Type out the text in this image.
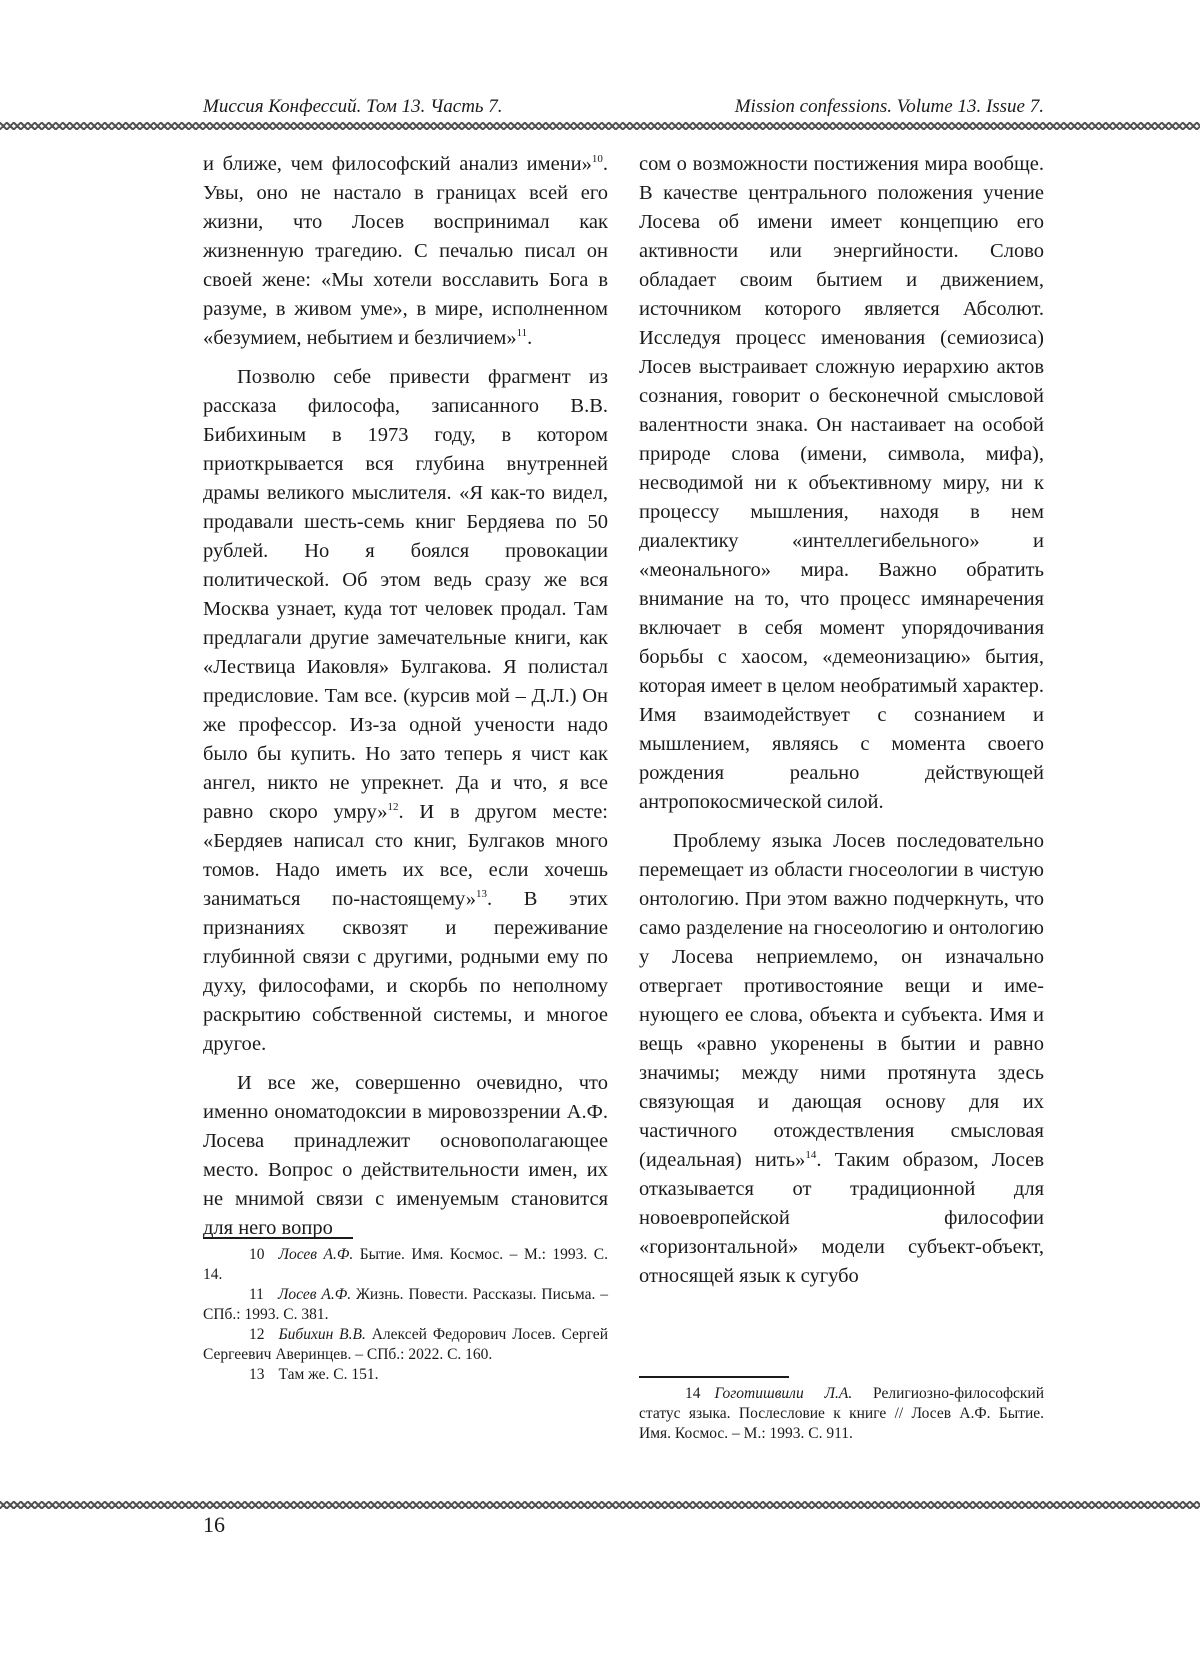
Миссия Конфессий. Том 13. Часть 7.	Mission confessions. Volume 13. Issue 7.

и ближе, чем философский анализ име­ни»10. Увы, оно не настало в границах всей его жизни, что Лосев воспринимал как жизненную трагедию. С печалью писал он своей жене: «Мы хотели вос­славить Бога в разуме, в живом уме», в мире, исполненном «безумием, небыти­ем и безличием»11.

Позволю себе привести фрагмент из рассказа философа, записанного В.В. Бибихиным в 1973 году, в котором приоткрывается вся глубина внутрен­ней драмы великого мыслителя. «Я как-то видел, продавали шесть-семь книг Бердяева по 50 рублей. Но я боялся про­вокации политической. Об этом ведь сразу же вся Москва узнает, куда тот человек продал. Там предлагали другие замечательные книги, как «Лествица Иаковля» Булгакова. Я полистал преди­словие. Там все. (курсив мой – Д.Л.) Он же профессор. Из-за одной учености надо было бы купить. Но зато теперь я чист как ангел, никто не упрекнет. Да и что, я все равно скоро умру»12. И в дру­гом месте: «Бердяев написал сто книг, Булгаков много томов. Надо иметь их все, если хочешь заниматься по-насто­ящему»13. В этих признаниях сквозят и переживание глубинной связи с други­ми, родными ему по духу, философами, и скорбь по неполному раскрытию соб­ственной системы, и многое другое.

И все же, совершенно очевидно, что именно ономатодоксии в мировоззре­нии А.Ф. Лосева принадлежит осново­полагающее место. Вопрос о действи­тельности имен, их не мнимой связи с именуемым становится для него вопро­

10 Лосев А.Ф. Бытие. Имя. Космос. – М.: 1993. С. 14.

11 Лосев А.Ф. Жизнь. Повести. Рассказы. Письма. – СПб.: 1993. С. 381.

12 Бибихин В.В. Алексей Федорович Лосев. Сергей Сергеевич Аверинцев. – СПб.: 2022. С. 160.

13 Там же. С. 151.

сом о возможности постижения мира вообще. В качестве центрального по­ложения учение Лосева об имени имеет концепцию его активности или энер­гийности. Слово обладает своим быти­ем и движением, источником которого является Абсолют. Исследуя процесс именования (семиозиса) Лосев выстра­ивает сложную иерархию актов созна­ния, говорит о бесконечной смысловой валентности знака. Он настаивает на особой природе слова (имени, символа, мифа), несводимой ни к объективному миру, ни к процессу мышления, нахо­дя в нем диалектику «интеллегибель­ного» и «меонального» мира. Важно обратить внимание на то, что процесс имянаречения включает в себя момент упорядочивания борьбы с хаосом, «де­меонизацию» бытия, которая имеет в целом необратимый характер. Имя вза­имодействует с сознанием и мышлени­ем, являясь с момента своего рождения реально действующей антропокосмиче­ской силой.

Проблему языка Лосев последова­тельно перемещает из области гносео­логии в чистую онтологию. При этом важно подчеркнуть, что само разде­ление на гносеологию и онтологию у Лосева неприемлемо, он изначально отвергает противостояние вещи и име­нующего ее слова, объекта и субъекта. Имя и вещь «равно укоренены в бытии и равно значимы; между ними протя­нута здесь связующая и дающая осно­ву для их частичного отождествления смысловая (идеальная) нить»14. Таким образом, Лосев отказывается от тради­ционной для новоевропейской фило­софии «горизонтальной» модели субъ­ект-объект, относящей язык к сугубо

14 Гоготишвили Л.А. Религиозно-фи­лософский статус языка. Послесловие к книге // Лосев А.Ф. Бытие. Имя. Космос. – М.: 1993. С. 911.

16
